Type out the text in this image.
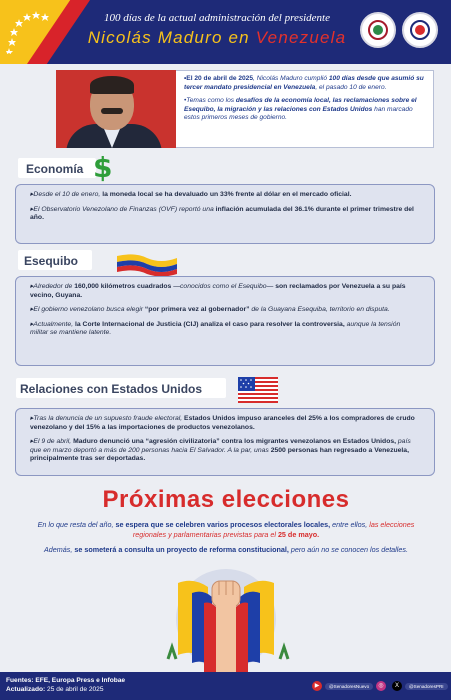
100 días de la actual administración del presidente
Nicolás Maduro en Venezuela

•El 20 de abril de 2025, Nicolás Maduro cumplió 100 días desde que asumió su tercer mandato presidencial en Venezuela, el pasado 10 de enero.

•Temas como los desafíos de la economía local, las reclamaciones sobre el Esequibo, la migración y las relaciones con Estados Unidos han marcado estos primeros meses de gobierno.

Economía $

▸Desde el 10 de enero, la moneda local se ha devaluado un 33% frente al dólar en el mercado oficial.

▸El Observatorio Venezolano de Finanzas (OVF) reportó una inflación acumulada del 36.1% durante el primer trimestre del año.

Esequibo

▸Alrededor de 160,000 kilómetros cuadrados —conocidos como el Esequibo— son reclamados por Venezuela a su país vecino, Guyana.

▸El gobierno venezolano busca elegir “por primera vez al gobernador” de la Guayana Esequiba, territorio en disputa.

▸Actualmente, la Corte Internacional de Justicia (CIJ) analiza el caso para resolver la controversia, aunque la tensión militar se mantiene latente.

Relaciones con Estados Unidos

▸Tras la denuncia de un supuesto fraude electoral, Estados Unidos impuso aranceles del 25% a los compradores de crudo venezolano y del 15% a las importaciones de productos venezolanos.

▸El 9 de abril, Maduro denunció una “agresión civilizatoria” contra los migrantes venezolanos en Estados Unidos, país que en marzo deportó a más de 200 personas hacia El Salvador. A la par, unas 2500 personas han regresado a Venezuela, principalmente tras ser deportadas.

Próximas elecciones

En lo que resta del año, se espera que se celebren varios procesos electorales locales, entre ellos, las elecciones regionales y parlamentarias previstas para el 25 de mayo.

Además, se someterá a consulta un proyecto de reforma constitucional, pero aún no se conocen los detalles.

Fuentes: EFE, Europa Press e Infobae
Actualizado: 25 de abril de 2025	▶	@SenadoresNuevo	◎	X	@SenadoresPRI
